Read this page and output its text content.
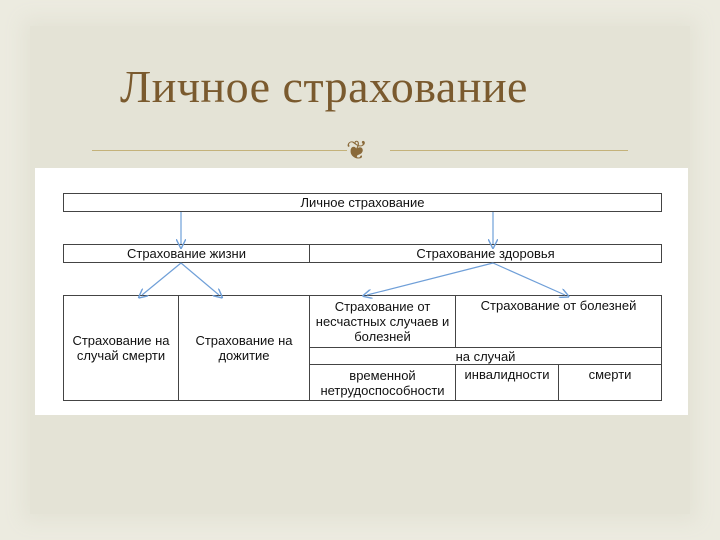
Личное страхование
❦
Личное страхование
Страхование жизни	Страхование здоровья
Страхование на случай смерти
Страхование на дожитие
Страхование от несчастных случаев и болезней
Страхование от болезней
на случай
временной нетрудоспособности
инвалидности	смерти
